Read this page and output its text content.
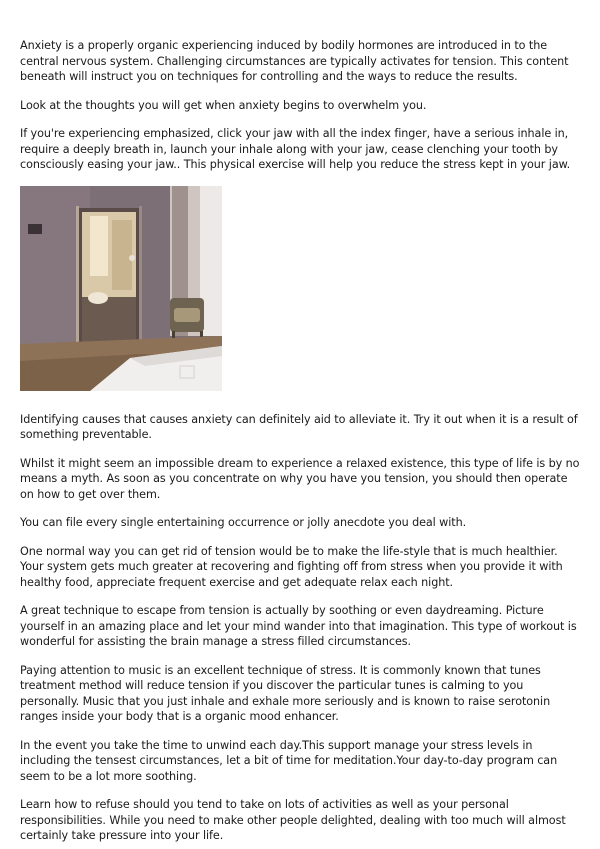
Anxiety is a properly organic experiencing induced by bodily hormones are introduced in to the central nervous system. Challenging circumstances are typically activates for tension. This content beneath will instruct you on techniques for controlling and the ways to reduce the results.

Look at the thoughts you will get when anxiety begins to overwhelm you.

If you're experiencing emphasized, click your jaw with all the index finger, have a serious inhale in, require a deeply breath in, launch your inhale along with your jaw, cease clenching your tooth by consciously easing your jaw.. This physical exercise will help you reduce the stress kept in your jaw.

Identifying causes that causes anxiety can definitely aid to alleviate it. Try it out when it is a result of something preventable.

Whilst it might seem an impossible dream to experience a relaxed existence, this type of life is by no means a myth. As soon as you concentrate on why you have you tension, you should then operate on how to get over them.

You can file every single entertaining occurrence or jolly anecdote you deal with.

One normal way you can get rid of tension would be to make the life-style that is much healthier. Your system gets much greater at recovering and fighting off from stress when you provide it with healthy food, appreciate frequent exercise and get adequate relax each night.

A great technique to escape from tension is actually by soothing or even daydreaming. Picture yourself in an amazing place and let your mind wander into that imagination. This type of workout is wonderful for assisting the brain manage a stress filled circumstances.

Paying attention to music is an excellent technique of stress. It is commonly known that tunes treatment method will reduce tension if you discover the particular tunes is calming to you personally. Music that you just inhale and exhale more seriously and is known to raise serotonin ranges inside your body that is a organic mood enhancer.

In the event you take the time to unwind each day.This support manage your stress levels in including the tensest circumstances, let a bit of time for meditation.Your day-to-day program can seem to be a lot more soothing.

Learn how to refuse should you tend to take on lots of activities as well as your personal responsibilities. While you need to make other people delighted, dealing with too much will almost certainly take pressure into your life.
